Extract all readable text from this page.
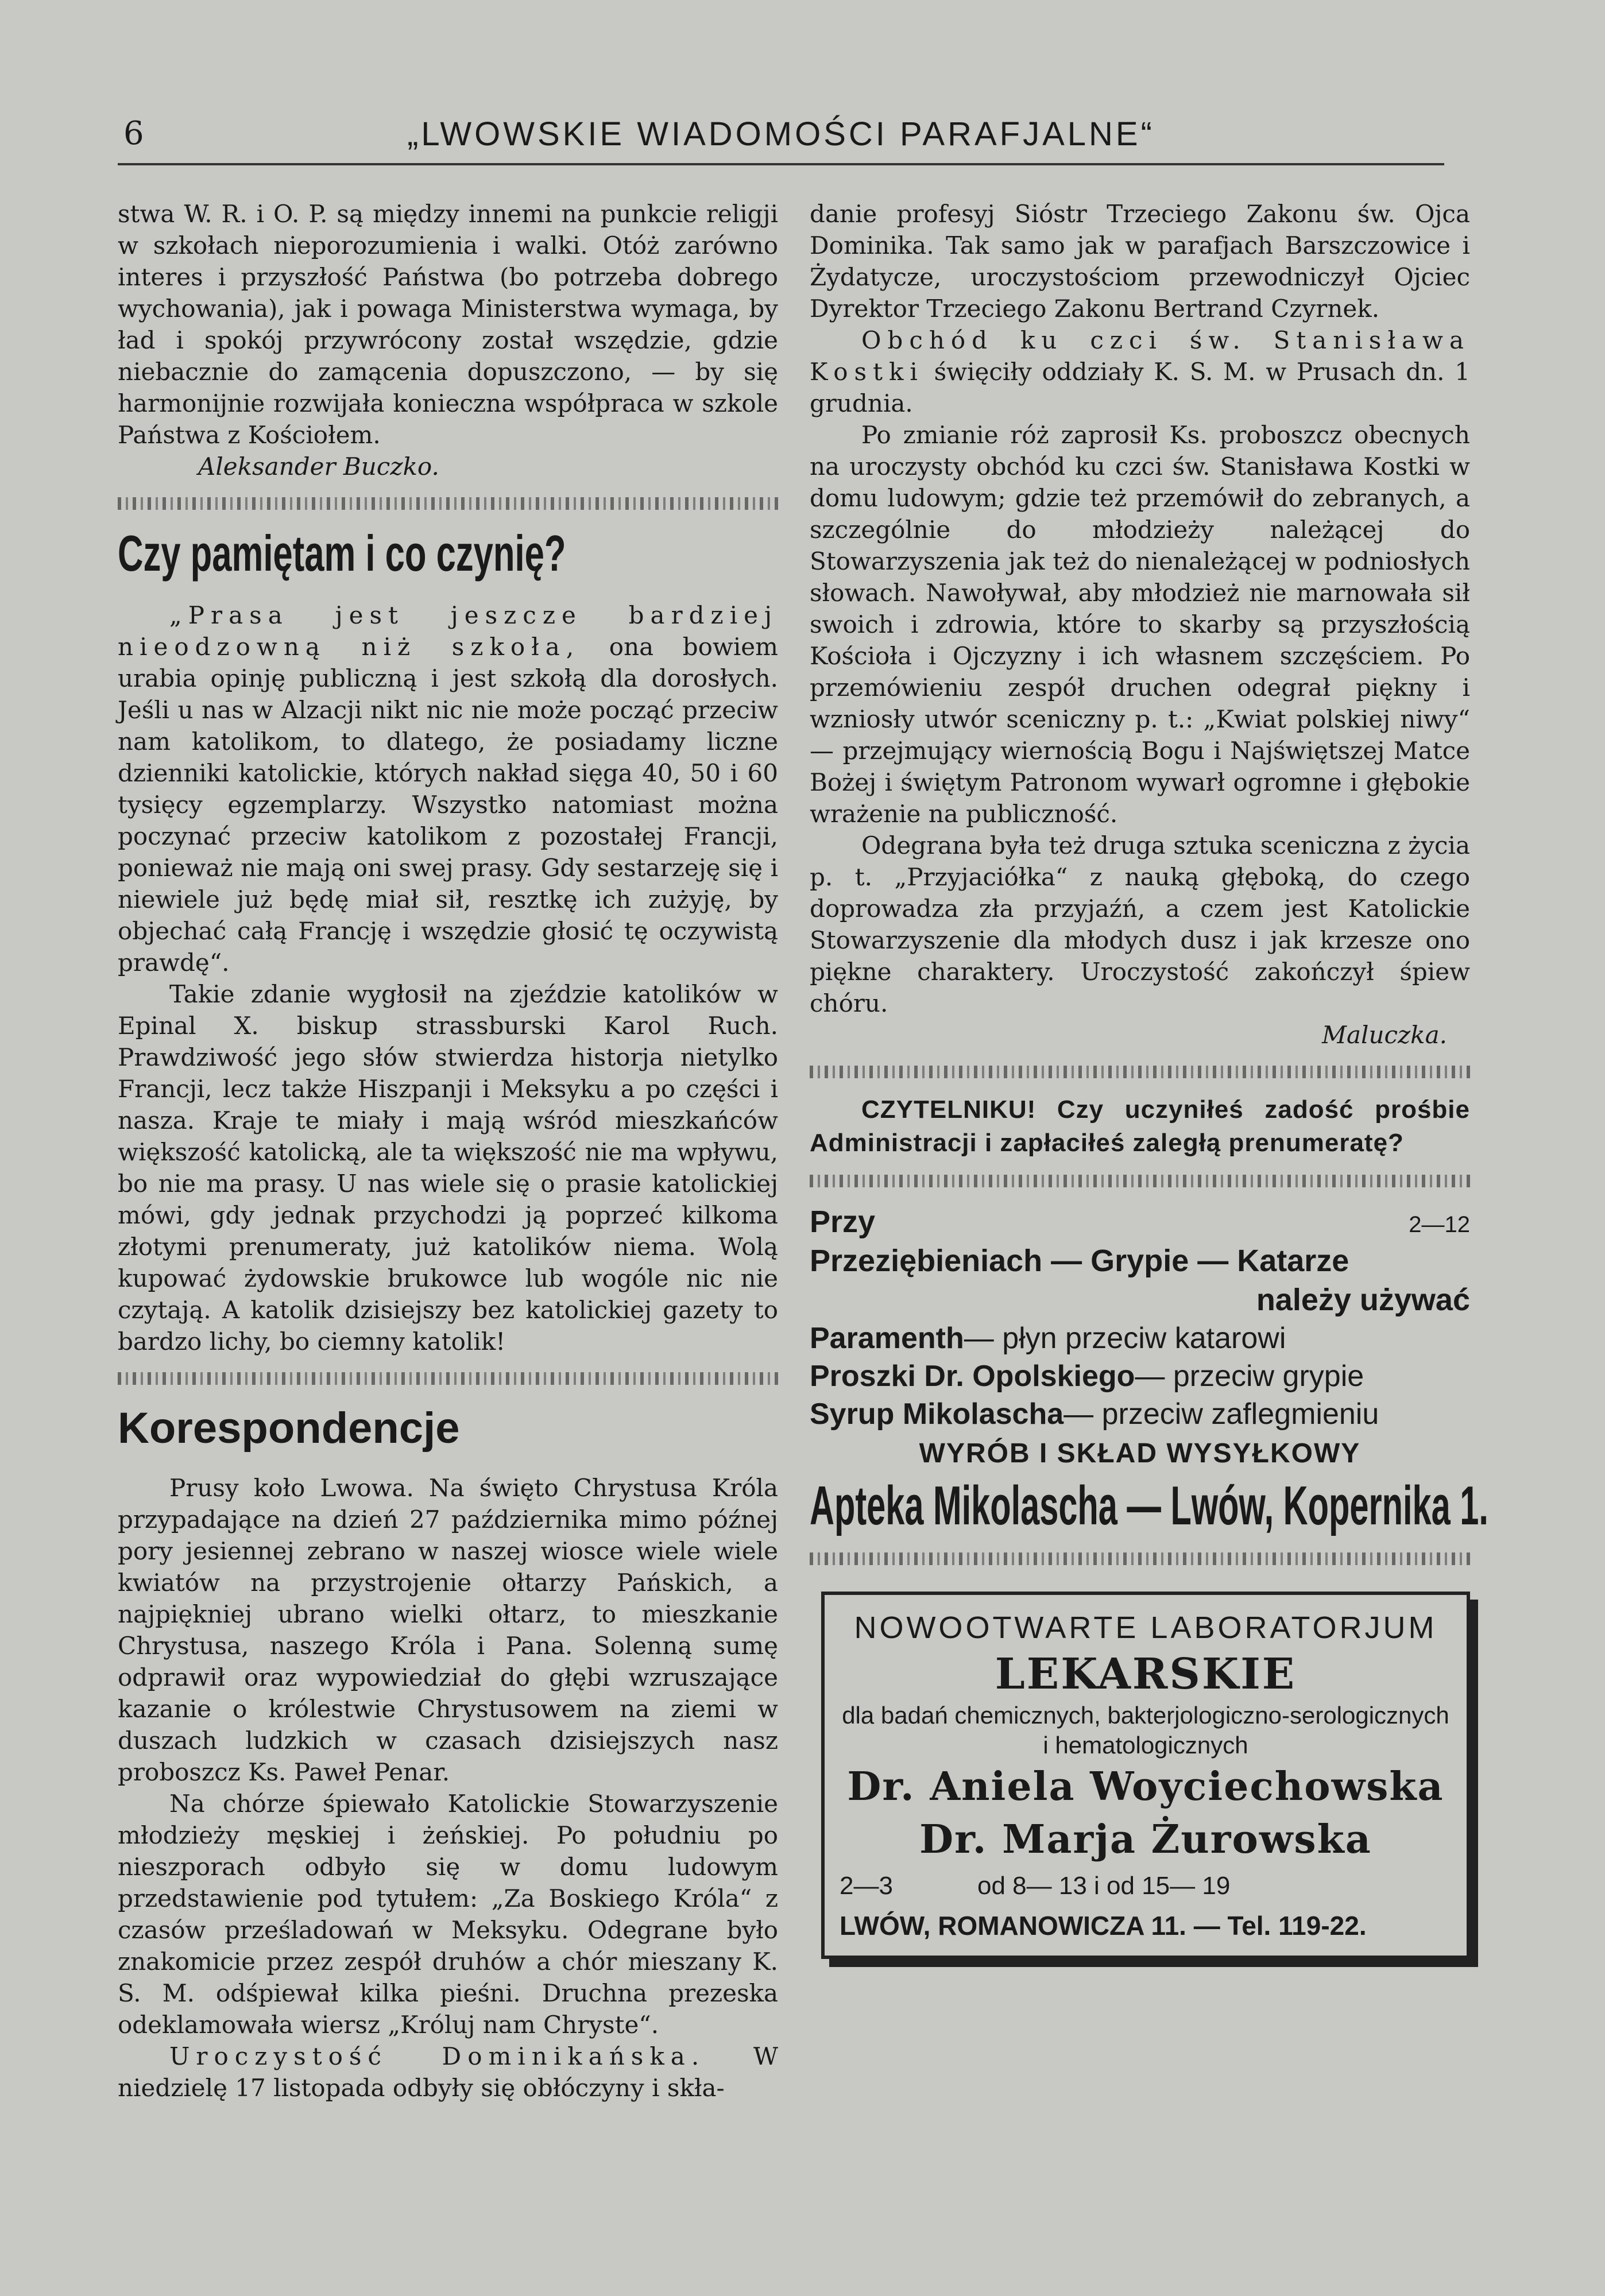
6	„LWOWSKIE WIADOMOŚCI PARAFJALNE“

stwa W. R. i O. P. są między innemi na punkcie religji w szkołach nieporozumienia i walki. Otóż zarówno interes i przyszłość Państwa (bo potrzeba dobrego wychowania), jak i powaga Ministerstwa wymaga, by ład i spokój przywrócony został wszędzie, gdzie niebacznie do zamącenia dopuszczono, — by się harmonijnie rozwijała konieczna współpraca w szkole Państwa z Kościołem.

Aleksander Buczko.

Czy pamiętam i co czynię?

„Prasa jest jeszcze bardziej nieodzowną niż szkoła, ona bowiem urabia opinję publiczną i jest szkołą dla dorosłych. Jeśli u nas w Alzacji nikt nic nie może począć przeciw nam katolikom, to dlatego, że posiadamy liczne dzienniki katolickie, których nakład sięga 40, 50 i 60 tysięcy egzemplarzy. Wszystko natomiast można poczynać przeciw katolikom z pozostałej Francji, ponieważ nie mają oni swej prasy. Gdy sestarzeję się i niewiele już będę miał sił, resztkę ich zużyję, by objechać całą Francję i wszędzie głosić tę oczywistą prawdę“.

Takie zdanie wygłosił na zjeździe katolików w Epinal X. biskup strassburski Karol Ruch. Prawdziwość jego słów stwierdza historja nietylko Francji, lecz także Hiszpanji i Meksyku a po części i nasza. Kraje te miały i mają wśród mieszkańców większość katolicką, ale ta większość nie ma wpływu, bo nie ma prasy. U nas wiele się o prasie katolickiej mówi, gdy jednak przychodzi ją poprzeć kilkoma złotymi prenumeraty, już katolików niema. Wolą kupować żydowskie brukowce lub wogóle nic nie czytają. A katolik dzisiejszy bez katolickiej gazety to bardzo lichy, bo ciemny katolik!

Korespondencje

Prusy koło Lwowa. Na święto Chrystusa Króla przypadające na dzień 27 października mimo późnej pory jesiennej zebrano w naszej wiosce wiele wiele kwiatów na przystrojenie ołtarzy Pańskich, a najpiękniej ubrano wielki ołtarz, to mieszkanie Chrystusa, naszego Króla i Pana. Solenną sumę odprawił oraz wypowiedział do głębi wzruszające kazanie o królestwie Chrystusowem na ziemi w duszach ludzkich w czasach dzisiejszych nasz proboszcz Ks. Paweł Penar.

Na chórze śpiewało Katolickie Stowarzyszenie młodzieży męskiej i żeńskiej. Po południu po nieszporach odbyło się w domu ludowym przedstawienie pod tytułem: „Za Boskiego Króla“ z czasów prześladowań w Meksyku. Odegrane było znakomicie przez zespół druhów a chór mieszany K. S. M. odśpiewał kilka pieśni. Druchna prezeska odeklamowała wiersz „Króluj nam Chryste“.

Uroczystość Dominikańska. W niedzielę 17 listopada odbyły się obłóczyny i skła-

danie profesyj Sióstr Trzeciego Zakonu św. Ojca Dominika. Tak samo jak w parafjach Barszczowice i Żydatycze, uroczystościom przewodniczył Ojciec Dyrektor Trzeciego Zakonu Bertrand Czyrnek.

Obchód ku czci św. Stanisława Kostki święciły oddziały K. S. M. w Prusach dn. 1 grudnia.

Po zmianie róż zaprosił Ks. proboszcz obecnych na uroczysty obchód ku czci św. Stanisława Kostki w domu ludowym; gdzie też przemówił do zebranych, a szczególnie do młodzieży należącej do Stowarzyszenia jak też do nienależącej w podniosłych słowach. Nawoływał, aby młodzież nie marnowała sił swoich i zdrowia, które to skarby są przyszłością Kościoła i Ojczyzny i ich własnem szczęściem. Po przemówieniu zespół druchen odegrał piękny i wzniosły utwór sceniczny p. t.: „Kwiat polskiej niwy“ — przejmujący wiernością Bogu i Najświętszej Matce Bożej i świętym Patronom wywarł ogromne i głębokie wrażenie na publiczność.

Odegrana była też druga sztuka sceniczna z życia p. t. „Przyjaciółka“ z nauką głęboką, do czego doprowadza zła przyjaźń, a czem jest Katolickie Stowarzyszenie dla młodych dusz i jak krzesze ono piękne charaktery. Uroczystość zakończył śpiew chóru.

Maluczka.

CZYTELNIKU! Czy uczyniłeś zadość prośbie Administracji i zapłaciłeś zaległą prenumeratę?

Przy	2—12
Przeziębieniach — Grypie — Katarze
należy używać
Paramenth— płyn przeciw katarowi
Proszki Dr. Opolskiego— przeciw grypie
Syrup Mikolascha— przeciw zaflegmieniu
WYRÓB I SKŁAD WYSYŁKOWY
Apteka Mikolascha — Lwów, Kopernika 1.
NOWOOTWARTE LABORATORJUM
LEKARSKIE
dla badań chemicznych, bakterjologiczno-serologicznych i hematologicznych
Dr. Aniela Woyciechowska
Dr. Marja Żurowska
2—3	od 8— 13 i od 15— 19
LWÓW, ROMANOWICZA 11. — Tel. 119-22.
